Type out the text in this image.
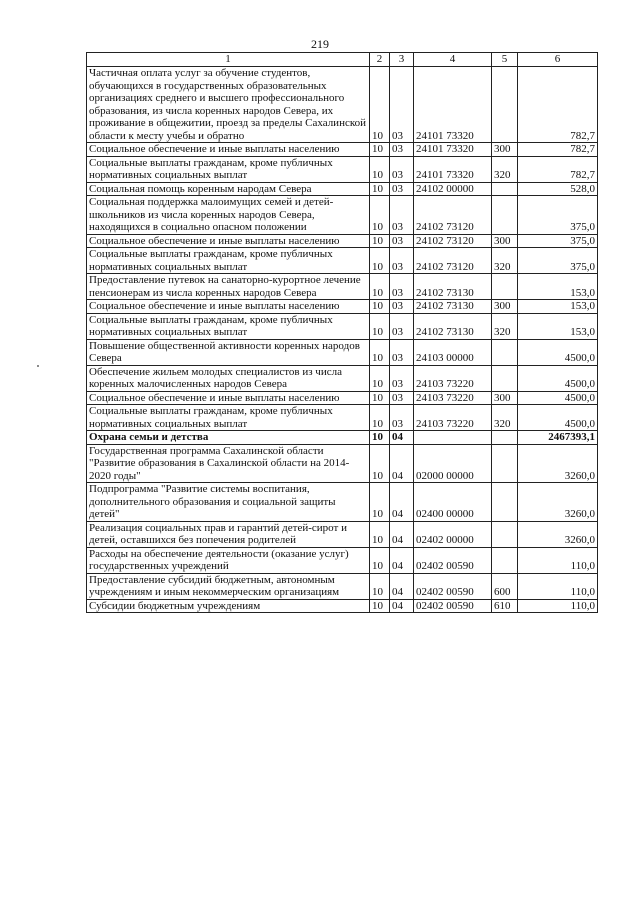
219
1	2	3	4	5	6
Частичная оплата услуг за обучение студентов, обучающихся в государственных образовательных организациях среднего и высшего профессионального образования, из числа коренных народов Севера, их проживание в общежитии, проезд за пределы Сахалинской области к месту учебы и обратно	10	03	24101 73320		782,7
Социальное обеспечение и иные выплаты населению	10	03	24101 73320	300	782,7
Социальные выплаты гражданам, кроме публичных нормативных социальных выплат	10	03	24101 73320	320	782,7
Социальная помощь коренным народам Севера	10	03	24102 00000		528,0
Социальная поддержка малоимущих семей и детей-школьников из числа коренных народов Севера, находящихся в социально опасном положении	10	03	24102 73120		375,0
Социальное обеспечение и иные выплаты населению	10	03	24102 73120	300	375,0
Социальные выплаты гражданам, кроме публичных нормативных социальных выплат	10	03	24102 73120	320	375,0
Предоставление путевок на санаторно-курортное лечение пенсионерам из числа коренных народов Севера	10	03	24102 73130		153,0
Социальное обеспечение и иные выплаты населению	10	03	24102 73130	300	153,0
Социальные выплаты гражданам, кроме публичных нормативных социальных выплат	10	03	24102 73130	320	153,0
Повышение общественной активности коренных народов Севера	10	03	24103 00000		4500,0
Обеспечение жильем молодых специалистов из числа коренных малочисленных народов Севера	10	03	24103 73220		4500,0
Социальное обеспечение и иные выплаты населению	10	03	24103 73220	300	4500,0
Социальные выплаты гражданам, кроме публичных нормативных социальных выплат	10	03	24103 73220	320	4500,0
Охрана семьи и детства	10	04			2467393,1
Государственная программа Сахалинской области "Развитие образования в Сахалинской области на 2014-2020 годы"	10	04	02000 00000		3260,0
Подпрограмма "Развитие системы воспитания, дополнительного образования и социальной защиты детей"	10	04	02400 00000		3260,0
Реализация социальных прав и гарантий детей-сирот и детей, оставшихся без попечения родителей	10	04	02402 00000		3260,0
Расходы на обеспечение деятельности (оказание услуг) государственных учреждений	10	04	02402 00590		110,0
Предоставление субсидий бюджетным, автономным учреждениям и иным некоммерческим организациям	10	04	02402 00590	600	110,0
Субсидии бюджетным учреждениям	10	04	02402 00590	610	110,0
